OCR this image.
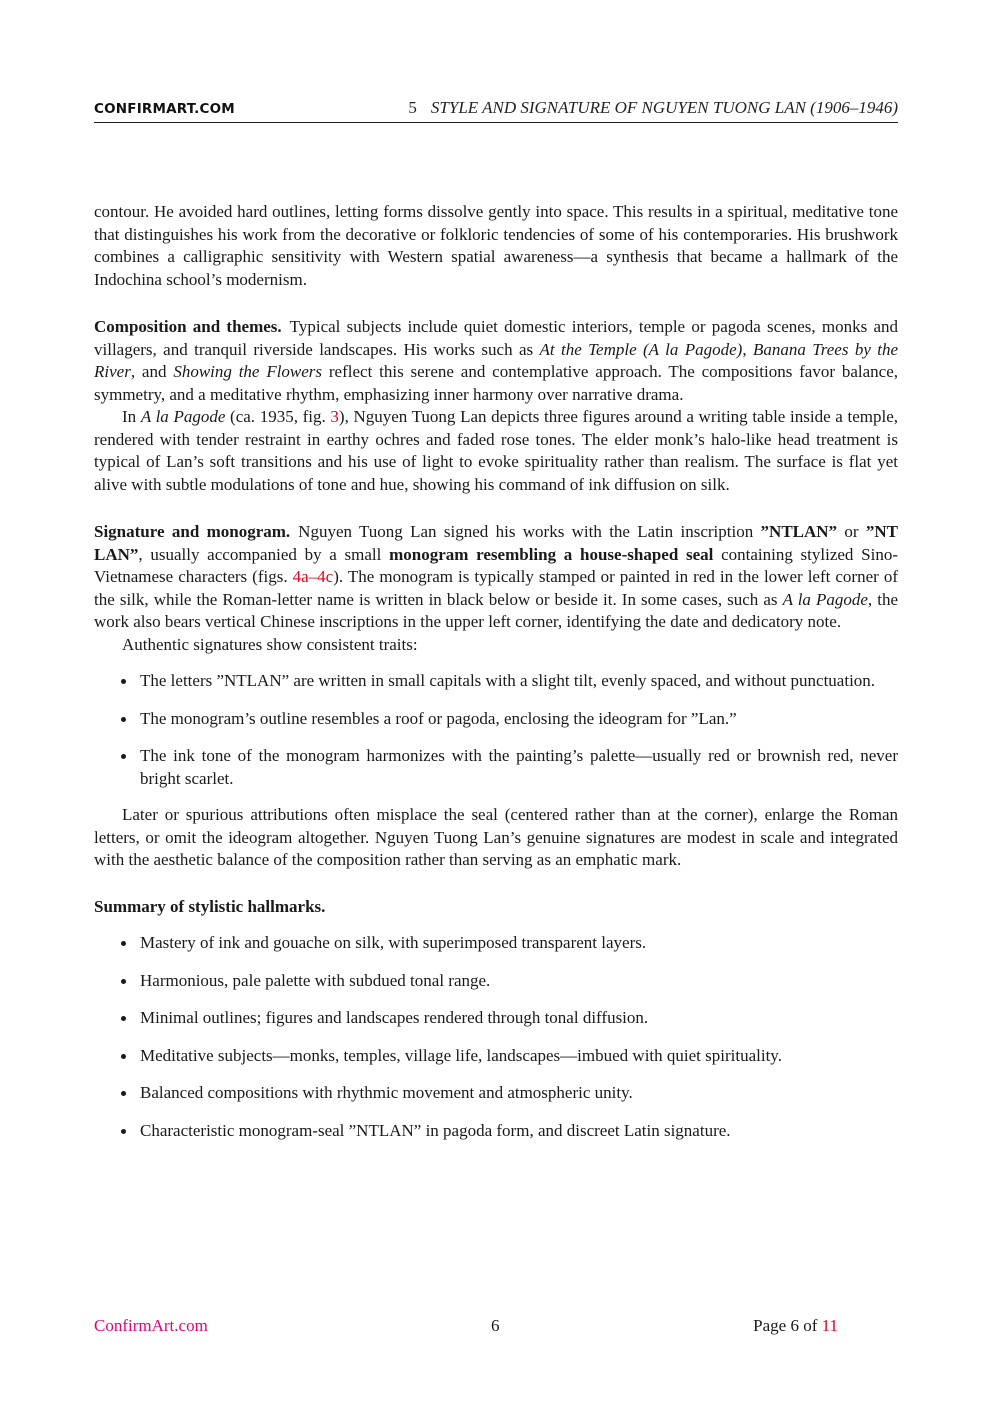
CONFIRMART.COM	5 STYLE AND SIGNATURE OF NGUYEN TUONG LAN (1906–1946)

contour. He avoided hard outlines, letting forms dissolve gently into space. This results in a spiritual, meditative tone that distinguishes his work from the decorative or folkloric tendencies of some of his contemporaries. His brushwork combines a calligraphic sensitivity with Western spatial awareness—a synthesis that became a hallmark of the Indochina school’s modernism.

Composition and themes. Typical subjects include quiet domestic interiors, temple or pagoda scenes, monks and villagers, and tranquil riverside landscapes. His works such as At the Temple (A la Pagode), Banana Trees by the River, and Showing the Flowers reflect this serene and contemplative approach. The compositions favor balance, symmetry, and a meditative rhythm, emphasizing inner harmony over narrative drama.

In A la Pagode (ca. 1935, fig. 3), Nguyen Tuong Lan depicts three figures around a writing table inside a temple, rendered with tender restraint in earthy ochres and faded rose tones. The elder monk’s halo-like head treatment is typical of Lan’s soft transitions and his use of light to evoke spirituality rather than realism. The surface is flat yet alive with subtle modulations of tone and hue, showing his command of ink diffusion on silk.

Signature and monogram. Nguyen Tuong Lan signed his works with the Latin inscription ”NTLAN” or ”NT LAN”, usually accompanied by a small monogram resembling a house-shaped seal containing stylized Sino-Vietnamese characters (figs. 4a–4c). The monogram is typically stamped or painted in red in the lower left corner of the silk, while the Roman-letter name is written in black below or beside it. In some cases, such as A la Pagode, the work also bears vertical Chinese inscriptions in the upper left corner, identifying the date and dedicatory note.

Authentic signatures show consistent traits:

The letters ”NTLAN” are written in small capitals with a slight tilt, evenly spaced, and without punctuation.
The monogram’s outline resembles a roof or pagoda, enclosing the ideogram for ”Lan.”
The ink tone of the monogram harmonizes with the painting’s palette—usually red or brownish red, never bright scarlet.

Later or spurious attributions often misplace the seal (centered rather than at the corner), enlarge the Roman letters, or omit the ideogram altogether. Nguyen Tuong Lan’s genuine signatures are modest in scale and integrated with the aesthetic balance of the composition rather than serving as an emphatic mark.

Summary of stylistic hallmarks.

Mastery of ink and gouache on silk, with superimposed transparent layers.
Harmonious, pale palette with subdued tonal range.
Minimal outlines; figures and landscapes rendered through tonal diffusion.
Meditative subjects—monks, temples, village life, landscapes—imbued with quiet spirituality.
Balanced compositions with rhythmic movement and atmospheric unity.
Characteristic monogram-seal ”NTLAN” in pagoda form, and discreet Latin signature.
ConfirmArt.com	6	Page 6 of 11
